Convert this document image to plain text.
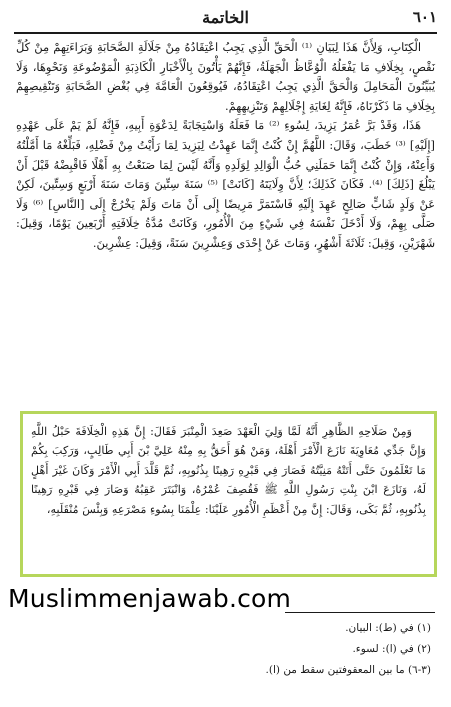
٦٠١
الخاتمة

الْكِتَابِ، وَلِأَنَّ هَذَا لِبَيَانِ ⁽¹⁾ الْحَقِّ الَّذِي يَجِبُ اعْتِقَادُهُ مِنْ جَلَالَةِ الصَّحَابَةِ وَبَرَاءَتِهِمْ مِنْ كُلِّ نَقْصٍ، بِخِلَافِ مَا يَفْعَلُهُ الْوُعَّاظُ الْجَهَلَةُ، فَإِنَّهُمْ يَأْتُونَ بِالْأَخْبَارِ الْكَاذِبَةِ الْمَوْضُوعَةِ وَنَحْوِهَا، وَلَا يُبَيِّنُونَ الْمَحَامِلَ وَالْحَقَّ الَّذِي يَجِبُ اعْتِقَادُهُ، فَيُوقِعُونَ الْعَامَّةَ فِي بُغْضِ الصَّحَابَةِ وَتَنْقِيصِهِمْ بِخِلَافِ مَا ذَكَرْنَاهُ، فَإِنَّهُ لِغَايَةِ إِجْلَالِهِمْ وَتَنْزِيهِهِمْ.

هَذَا، وَقَدْ بَرَّ عُمَرُ يَزِيدَ، لِسُوءِ ⁽²⁾ مَا فَعَلَهُ وَاسْتِجَابَةً لِدَعْوَةِ أَبِيهِ، فَإِنَّهُ لَمْ يَمْ عَلَى عَهْدِهِ [إِلَيْهِ] ⁽³⁾ خَطَبَ، وَقَالَ: اللَّهُمَّ إِنْ كُنْتُ إِنَّمَا عَهِدْتُ لِيَزِيدَ لِمَا رَأَيْتُ مِنْ فَضْلِهِ، فَبَلِّغْهُ مَا أَمَّلْتُهُ وَأَعِنْهُ، وَإِنْ كُنْتُ إِنَّمَا حَمَلَنِي حُبُّ الْوَالِدِ لِوَلَدِهِ وَأَنَّهُ لَيْسَ لِمَا صَنَعْتُ بِهِ أَهْلًا فَاقْبِضْهُ قَبْلَ أَنْ يَبْلُغَ [ذَلِكَ] ⁽⁴⁾. فَكَانَ كَذَلِكَ؛ لِأَنَّ وِلَايَتَهُ [كَانَتْ] ⁽⁵⁾ سَنَةَ سِتِّينَ وَمَاتَ سَنَةَ أَرْبَعٍ وَسِتِّينَ، لَكِنْ عَنْ وَلَدٍ شَابٍّ صَالِحٍ عَهِدَ إِلَيْهِ فَاسْتَمَرَّ مَرِيضًا إِلَى أَنْ مَاتَ وَلَمْ يَخْرُجْ إِلَى [النَّاسِ] ⁽⁶⁾ وَلَا صَلَّى بِهِمْ، وَلَا أَدْخَلَ نَفْسَهُ فِي شَيْءٍ مِنَ الْأُمُورِ، وَكَانَتْ مُدَّةُ خِلَافَتِهِ أَرْبَعِينَ يَوْمًا، وَقِيلَ: شَهْرَيْنِ، وَقِيلَ: ثَلَاثَةَ أَشْهُرٍ، وَمَاتَ عَنْ إِحْدَى وَعِشْرِينَ سَنَةً، وَقِيلَ: عِشْرِينَ.

وَمِنْ صَلَاحِهِ الظَّاهِرِ أَنَّهُ لَمَّا وَلِيَ الْعَهْدَ صَعِدَ الْمِنْبَرَ فَقَالَ: إِنَّ هَذِهِ الْخِلَافَةَ حَبْلُ اللَّهِ وَإِنَّ جَدِّي مُعَاوِيَةَ نَازَعَ الْأَمْرَ أَهْلَهُ، وَمَنْ هُوَ أَحَقُّ بِهِ مِنْهُ عَلِيَّ بْنَ أَبِي طَالِبٍ، وَرَكِبَ بِكُمْ مَا تَعْلَمُونَ حَتَّى أَتَتْهُ مَنِيَّتُهُ فَصَارَ فِي قَبْرِهِ رَهِينًا بِذُنُوبِهِ، ثُمَّ قَلَّدَ أَبِي الْأَمْرَ وَكَانَ غَيْرَ أَهْلٍ لَهُ، وَنَازَعَ ابْنَ بِنْتِ رَسُولِ اللَّهِ ﷺ فَقُصِفَ عُمْرُهُ، وَانْبَتَرَ عَقِبُهُ وَصَارَ فِي قَبْرِهِ رَهِينًا بِذُنُوبِهِ، ثُمَّ بَكَى، وَقَالَ: إِنَّ مِنْ أَعْظَمِ الْأُمُورِ عَلَيْنَا: عِلْمَنَا بِسُوءِ مَصْرَعِهِ وَبِئْسَ مُنْقَلَبِهِ،

Muslimmenjawab.com
(١) في (ط): البيان.
(٢) في (ا): لسوء.
(٣-٦) ما بين المعقوفتين سقط من (ا).
